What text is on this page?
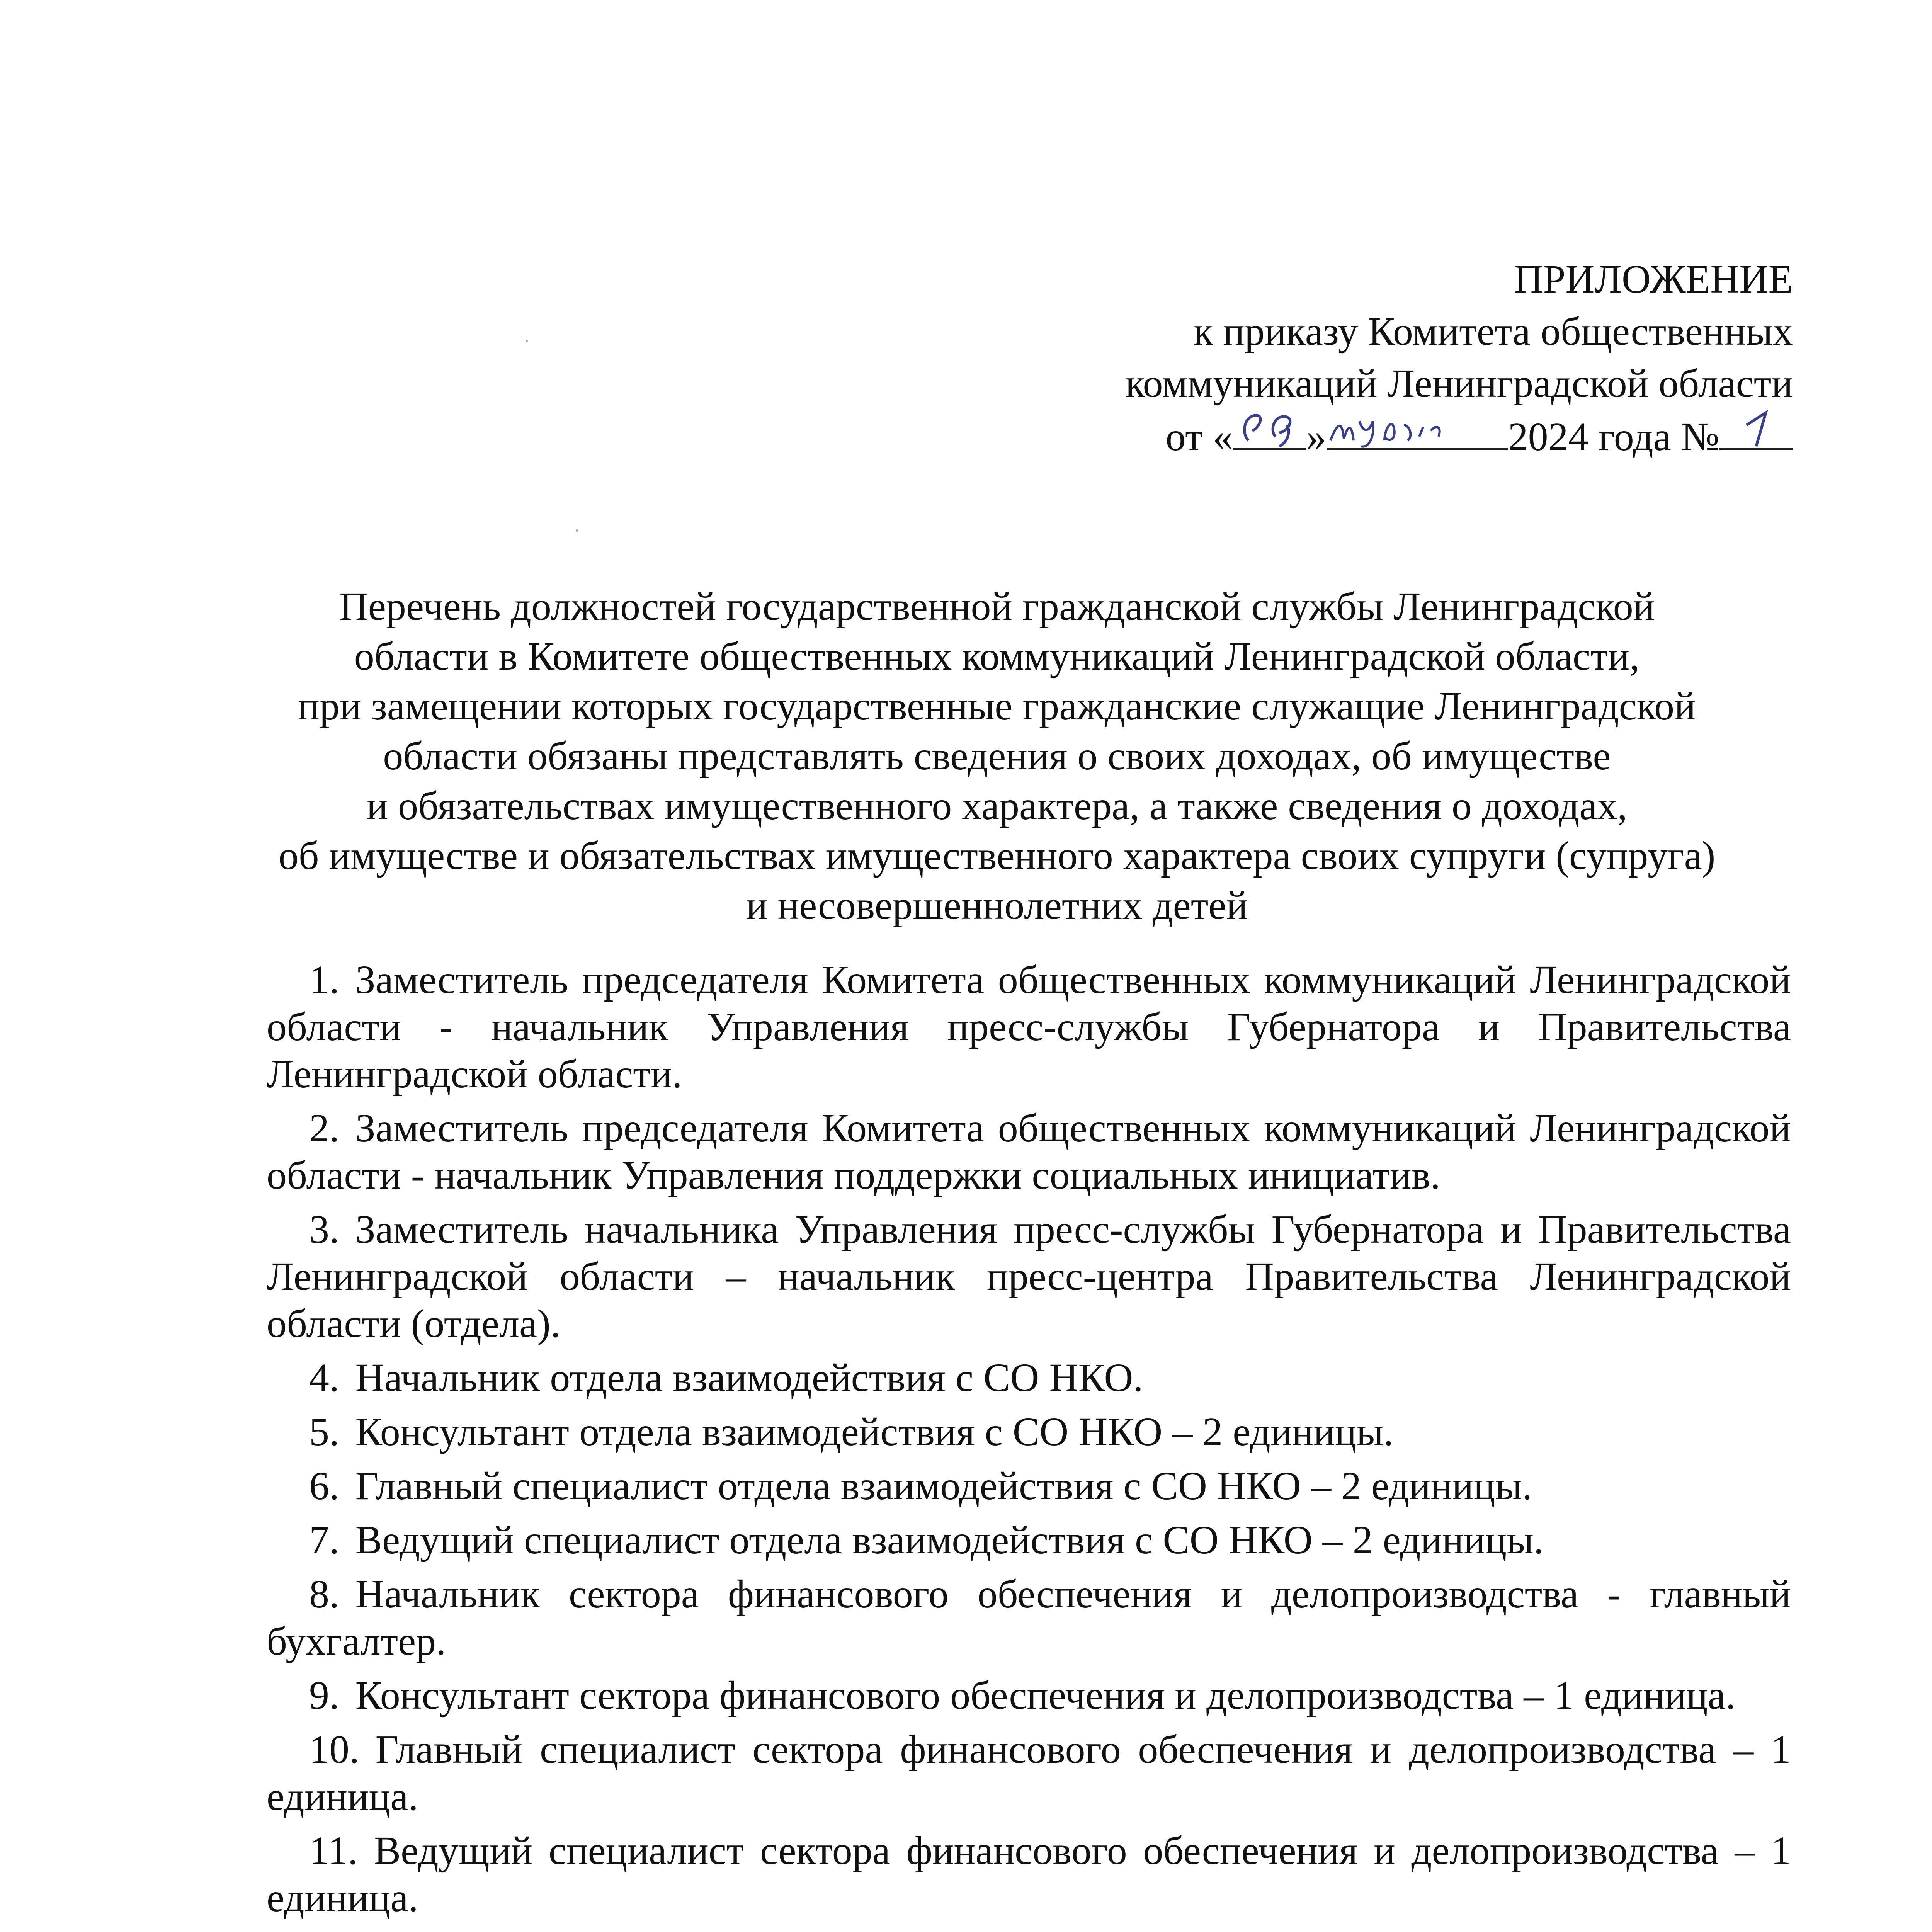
ПРИЛОЖЕНИЕ
к приказу Комитета общественных
коммуникаций Ленинградской области
от « »	2024 года №
Перечень должностей государственной гражданской службы Ленинградской
области в Комитете общественных коммуникаций Ленинградской области,
при замещении которых государственные гражданские служащие Ленинградской
области обязаны представлять сведения о своих доходах, об имуществе
и обязательствах имущественного характера, а также сведения о доходах,
об имуществе и обязательствах имущественного характера своих супруги (супруга)
и несовершеннолетних детей

1. Заместитель председателя Комитета общественных коммуникаций Ленинградской области - начальник Управления пресс-службы Губернатора и Правительства Ленинградской области.

2. Заместитель председателя Комитета общественных коммуникаций Ленинградской области - начальник Управления поддержки социальных инициатив.

3. Заместитель начальника Управления пресс-службы Губернатора и Правительства Ленинградской области – начальник пресс-центра Правительства Ленинградской области (отдела).

4. Начальник отдела взаимодействия с СО НКО.

5. Консультант отдела взаимодействия с СО НКО – 2 единицы.

6. Главный специалист отдела взаимодействия с СО НКО – 2 единицы.

7. Ведущий специалист отдела взаимодействия с СО НКО – 2 единицы.

8. Начальник сектора финансового обеспечения и делопроизводства - главный бухгалтер.

9. Консультант сектора финансового обеспечения и делопроизводства – 1 единица.

10. Главный специалист сектора финансового обеспечения и делопроизводства – 1 единица.

11. Ведущий специалист сектора финансового обеспечения и делопроизводства – 1 единица.
